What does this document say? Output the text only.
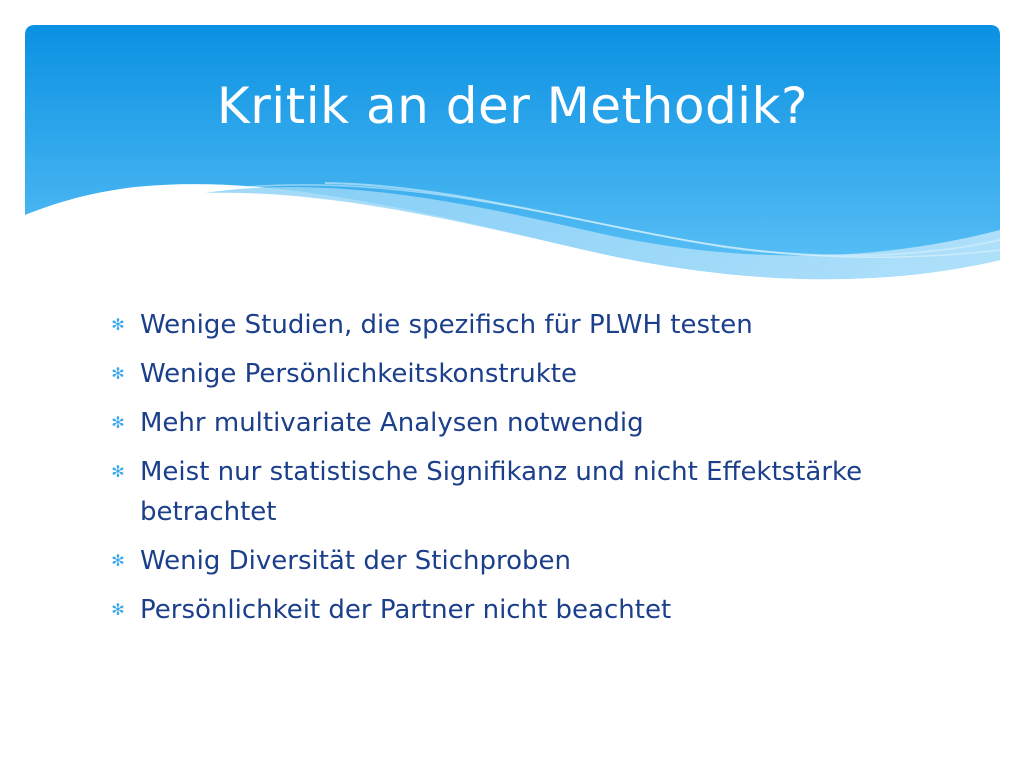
Kritik an der Methodik?
✻ Wenige Studien, die spezifisch für PLWH testen
✻ Wenige Persönlichkeitskonstrukte
✻ Mehr multivariate Analysen notwendig
✻ Meist nur statistische Signifikanz und nicht Effektstärke betrachtet
✻ Wenig Diversität der Stichproben
✻ Persönlichkeit der Partner nicht beachtet
